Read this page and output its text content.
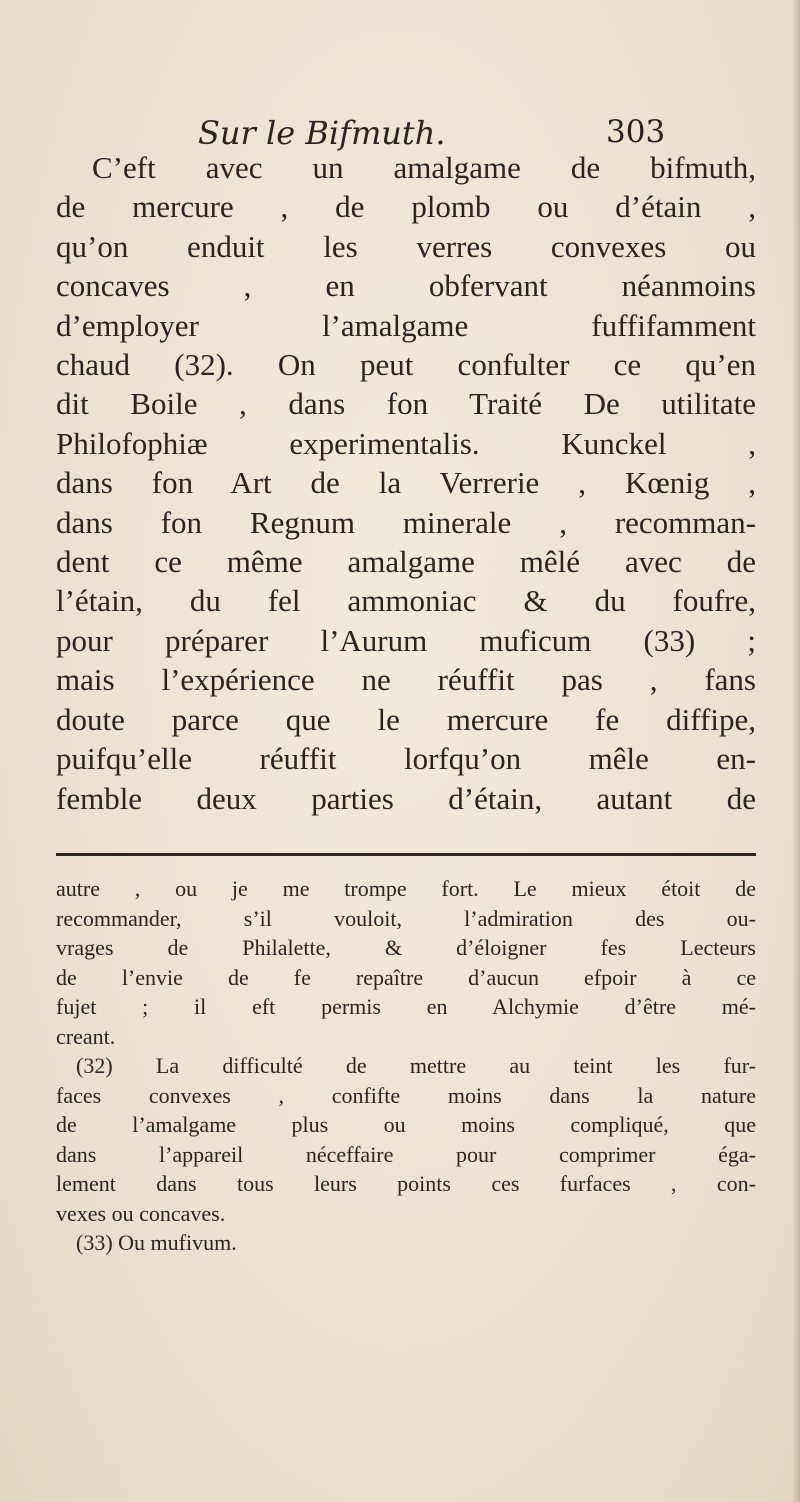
Sur le Bifmuth.	303
C’eft avec un amalgame de bifmuth,
de mercure , de plomb ou d’étain ,
qu’on enduit les verres convexes ou
concaves , en obfervant néanmoins
d’employer l’amalgame fuffifamment
chaud (32). On peut confulter ce qu’en
dit Boile , dans fon Traité De utilitate
Philofophiæ experimentalis. Kunckel ,
dans fon Art de la Verrerie , Kœnig ,
dans fon Regnum minerale , recomman-
dent ce même amalgame mêlé avec de
l’étain, du fel ammoniac & du foufre,
pour préparer l’Aurum muficum (33) ;
mais l’expérience ne réuffit pas , fans
doute parce que le mercure fe diffipe,
puifqu’elle réuffit lorfqu’on mêle en-
femble deux parties d’étain, autant de
autre , ou je me trompe fort. Le mieux étoit de
recommander, s’il vouloit, l’admiration des ou-
vrages de Philalette, & d’éloigner fes Lecteurs
de l’envie de fe repaître d’aucun efpoir à ce
fujet ; il eft permis en Alchymie d’être mé-
creant.
(32) La difficulté de mettre au teint les fur-
faces convexes , confifte moins dans la nature
de l’amalgame plus ou moins compliqué, que
dans l’appareil néceffaire pour comprimer éga-
lement dans tous leurs points ces furfaces , con-
vexes ou concaves.
(33) Ou mufivum.
